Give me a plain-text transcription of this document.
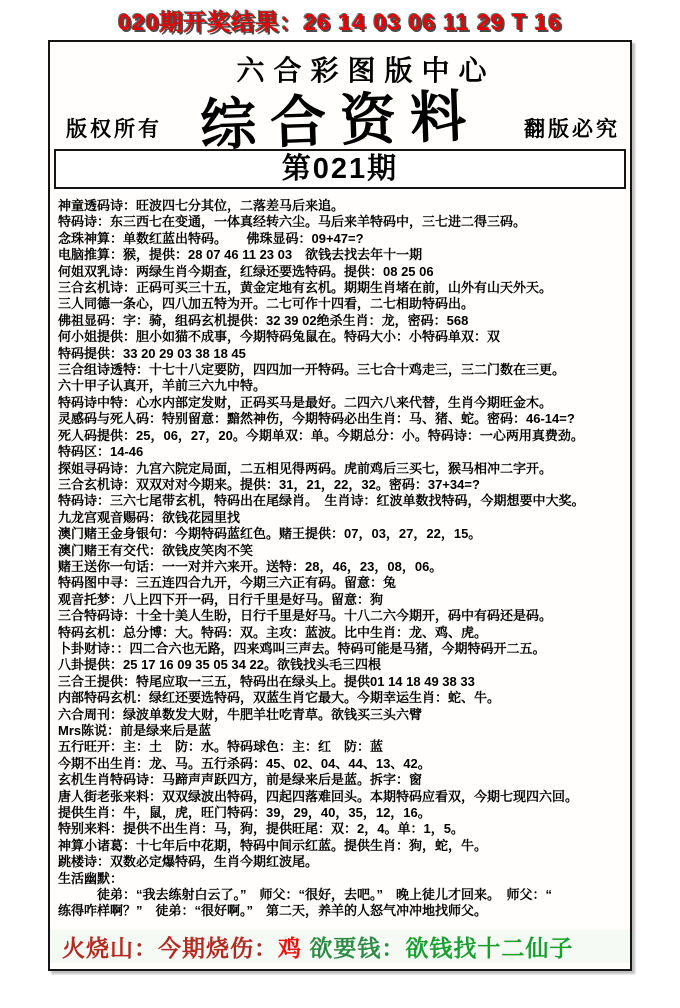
020期开奖结果：26 14 03 06 11 29 T 16
六合彩图版中心
综合资料
版权所有	翻版必究
第021期
神童透码诗：旺波四七分其位，二落差马后来追。
特码诗：东三西七在变通，一体真经转六尘。马后来羊特码中，三七进二得三码。
念珠神算：单数红蓝出特码。　　佛珠显码：09+47=?
电脑推算：猴，提供：28 07 46 11 23 03　欲钱去找去年十一期
何姐双乳诗：两绿生肖今期查，红绿还要选特码。提供：08 25 06
三合玄机诗：正码可买三十五，黄金定地有玄机。期期生肖堵在前，山外有山天外天。
三人同德一条心，四八加五特为开。二七可作十四看，二七相助特码出。
佛祖显码：字：骑，组码玄机提供：32 39 02绝杀生肖：龙，密码：568
何小姐提供：胆小如猫不成事，今期特码兔鼠在。特码大小：小特码单双：双
特码提供：33 20 29 03 38 18 45
三合组诗透特：十七十八定要防，四四加一开特码。三七合十鸡走三，三二门数在三更。
六十甲子认真开，羊前三六九中特。
特码诗中特：心水内部定发财，正码买马是最好。二四六八来代替，生肖今期旺金木。
灵感码与死人码：特别留意：黯然神伤，今期特码必出生肖：马、猪、蛇。密码：46-14=?
死人码提供：25，06，27，20。今期单双：单。今期总分：小。特码诗：一心两用真费劲。
特码区：14-46
探姐寻码诗：九宫六院定局面，二五相见得两码。虎前鸡后三买七，猴马相冲二字开。
三合玄机诗：双双对对今期来。提供：31，21，22，32。密码：37+34=?
特码诗：三六七尾带玄机，特码出在尾绿肖。　生肖诗：红波单数找特码，今期想要中大奖。
九龙宫观音赐码：欲钱花园里找
澳门赌王金身银句：今期特码蓝红色。赌王提供：07，03，27，22，15。
澳门赌王有交代：欲钱皮笑肉不笑
赌王送你一句话：一一对并六来开。送特：28，46，23，08，06。
特码图中寻：三五连四合九开，今期三六正有码。留意：兔
观音托梦：八上四下开一码，日行千里是好马。留意：狗
三合特码诗：十全十美人生盼，日行千里是好马。十八二六今期开，码中有码还是码。
特码玄机：总分博：大。特码：双。主攻：蓝波。比中生肖：龙、鸡、虎。
卜卦财诗：：四二合六也无路，四来鸡叫三声去。特码可能是马猪，今期特码开二五。
八卦提供：25 17 16 09 35 05 34 22。欲钱找头毛三四根
三合王提供：特尾应取一三五，特码出在绿头上。提供01 14 18 49 38 33
内部特码玄机：绿红还要选特码，双蓝生肖它最大。今期幸运生肖：蛇、牛。
六合周刊：绿波单数发大财，牛肥羊壮吃青草。欲钱买三头六臂
Mrs陈说：前是绿来后是蓝
五行旺开：主：土　防：水。特码球色：主：红　防：蓝
今期不出生肖：龙、马。五行杀码：45、02、04、44、13、42。
玄机生肖特码诗：马蹄声声跃四方，前是绿来后是蓝。拆字：窗
唐人街老张来料：双双绿波出特码，四起四落难回头。本期特码应看双，今期七现四六回。
提供生肖：牛，鼠，虎，旺门特码：39，29，40，35，12，16。
特别来料：提供不出生肖：马，狗，提供旺尾：双：2，4。单：1，5。
神算小诸葛：十七年后中花期，特码中间示红蓝。提供生肖：狗，蛇，牛。
跳楼诗：双数必定爆特码，生肖今期红波尾。
生活幽默：
　　　徒弟：“我去练射白云了。”　师父：“很好，去吧。”　晚上徒儿才回来。　师父：“
练得咋样啊？”　徒弟：“很好啊。”　第二天，养羊的人怒气冲冲地找师父。
火烧山：今期烧伤：鸡 欲要钱：欲钱找十二仙子
